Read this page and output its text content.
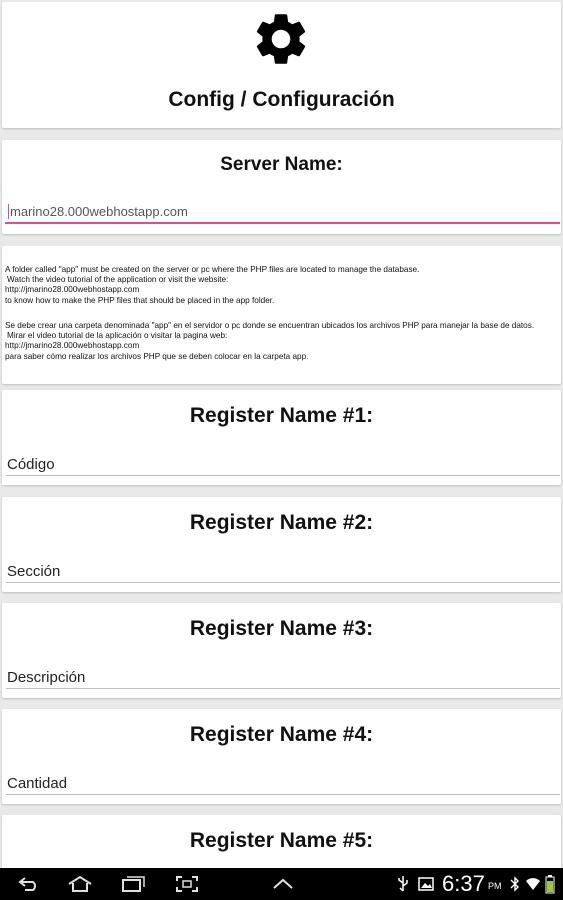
Config / Configuración
Server Name:
marino28.000webhostapp.com
A folder called "app" must be created on the server or pc where the PHP files are located to manage the database.
Watch the video tutorial of the application or visit the website:
http://jmarino28.000webhostapp.com
to know how to make the PHP files that should be placed in the app folder.
Se debe crear una carpeta denominada "app" en el servidor o pc donde se encuentran ubicados los archivos PHP para manejar la base de datos.
Mirar el video tutorial de la aplicación o visitar la pagina web:
http://jmarino28.000webhostapp.com
para saber cómo realizar los archivos PHP que se deben colocar en la carpeta app.
Register Name #1:
Código
Register Name #2:
Sección
Register Name #3:
Descripción
Register Name #4:
Cantidad
Register Name #5:
6:37 PM
